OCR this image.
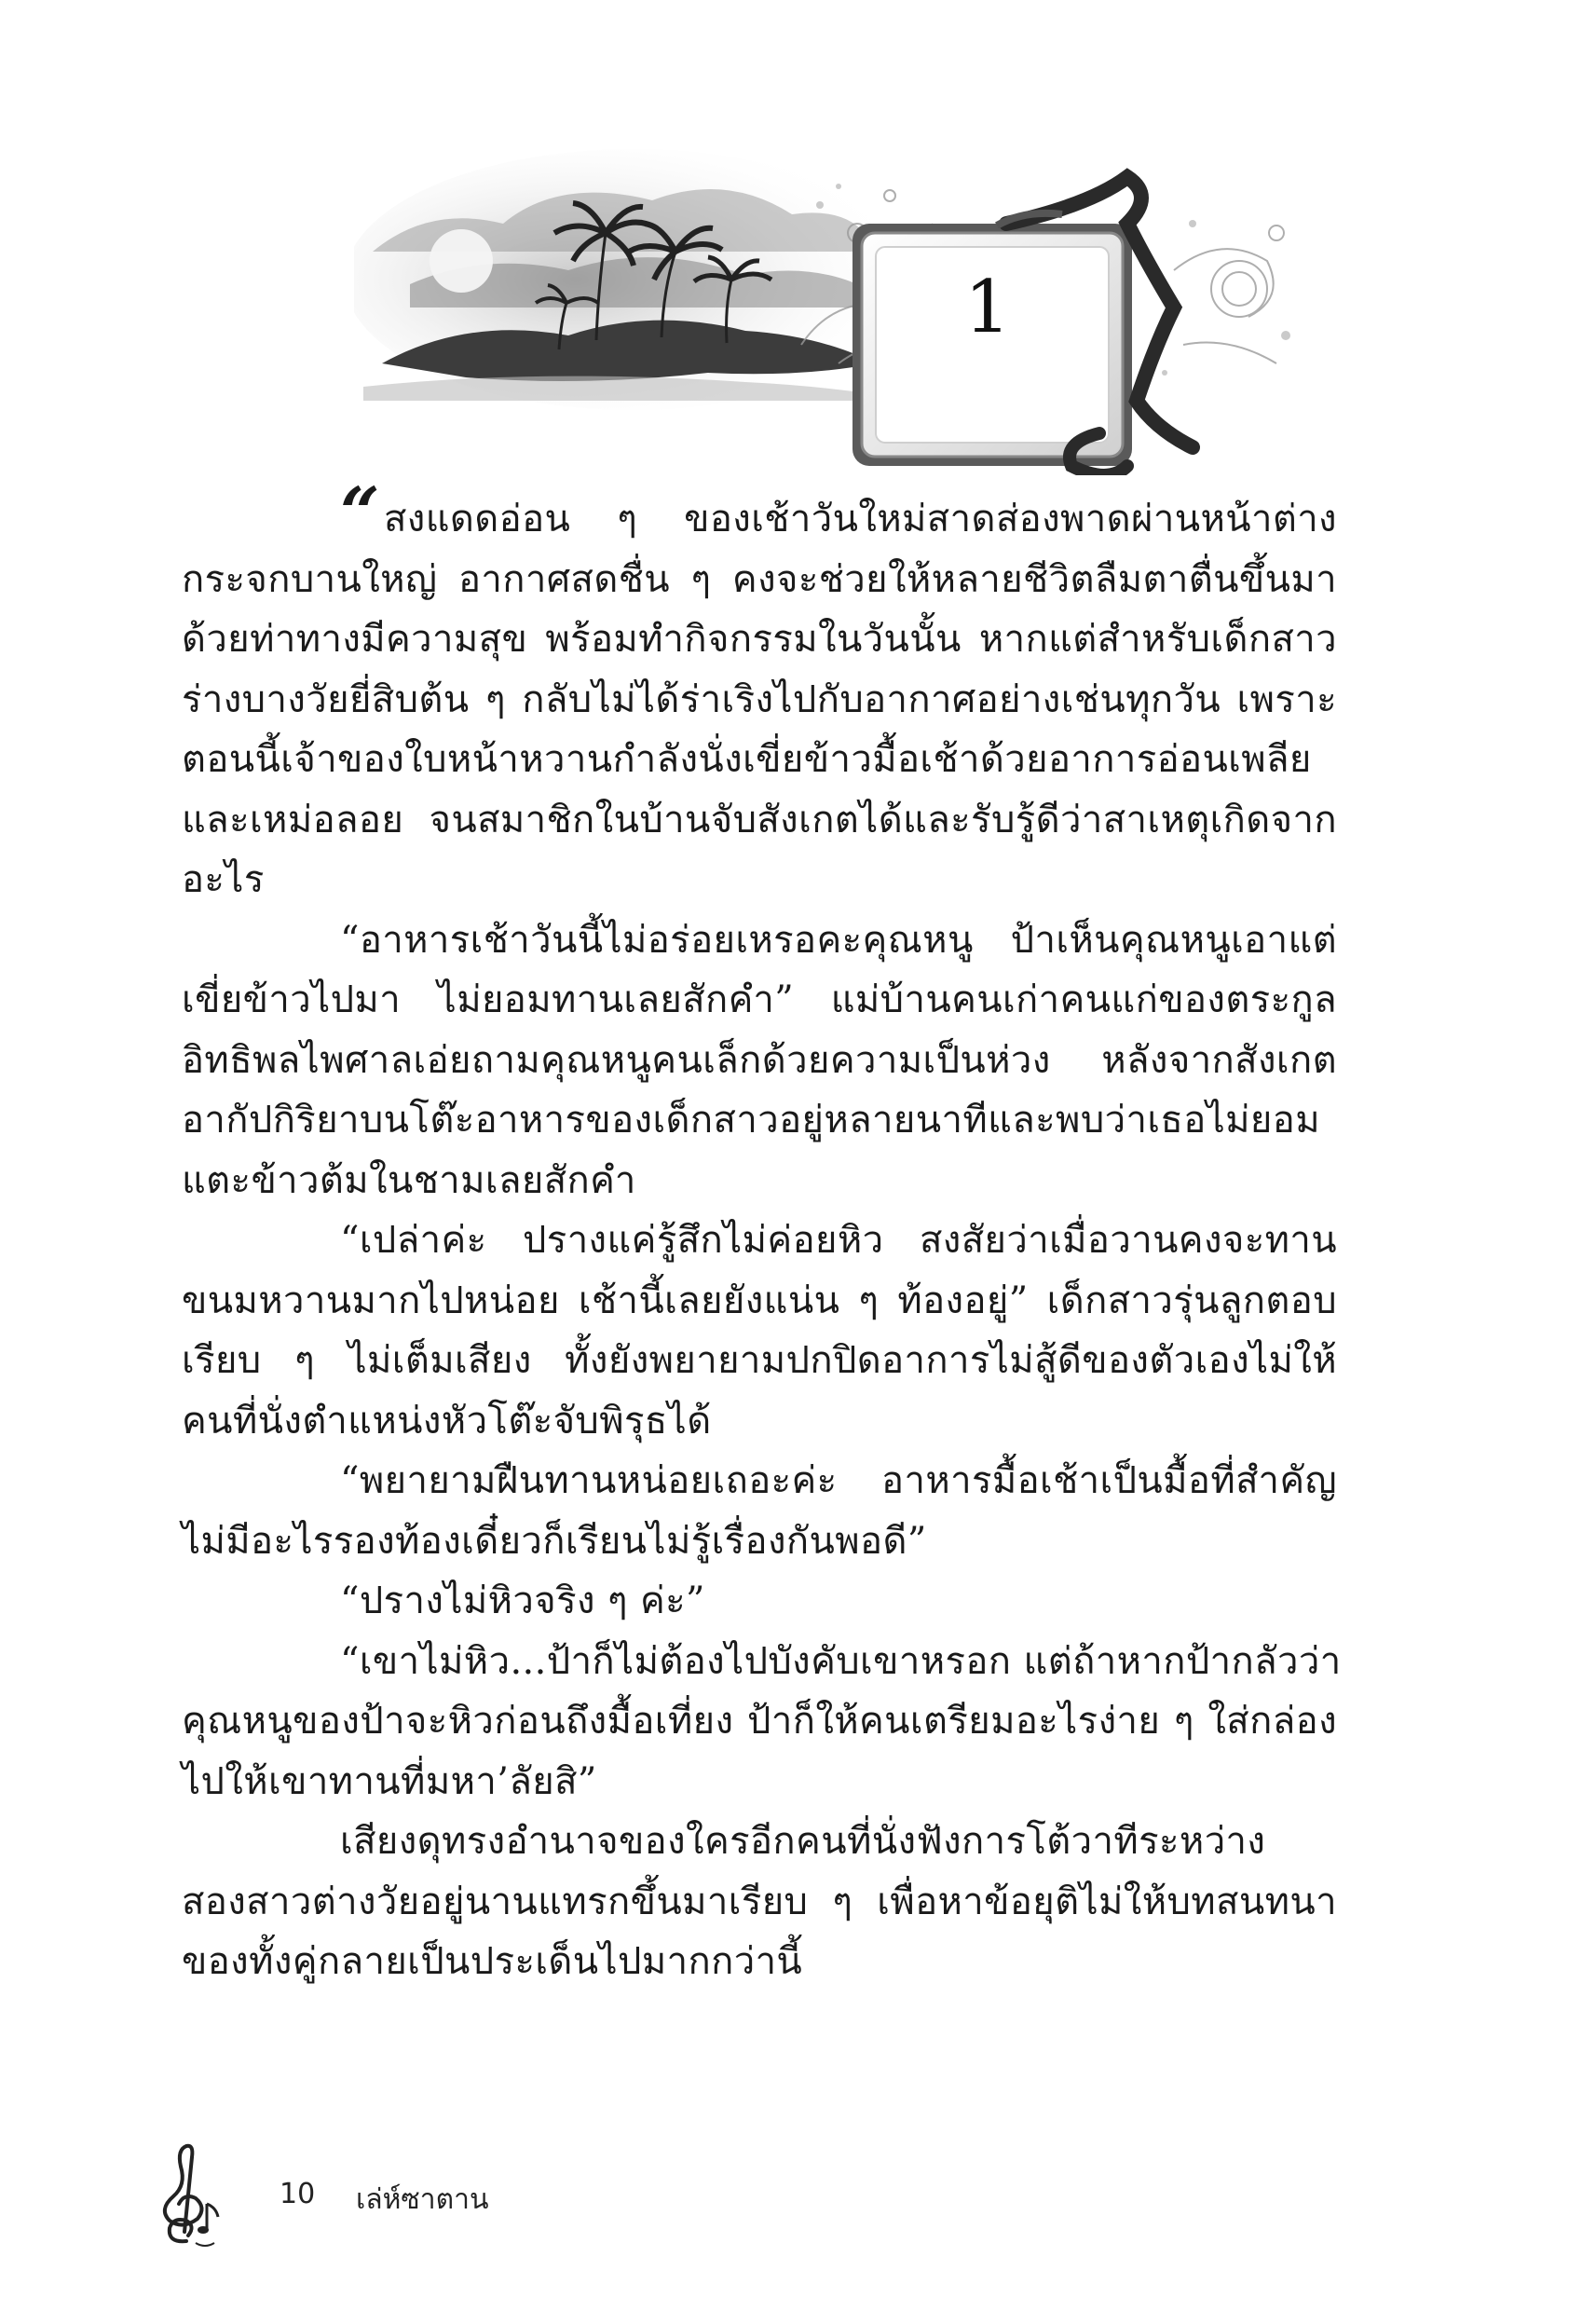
1
“ สงแดดอ่อน ๆ ของเช้าวันใหม่สาดส่องพาดผ่านหน้าต่าง
กระจกบานใหญ่ อากาศสดชื่น ๆ คงจะช่วยให้หลายชีวิตลืมตาตื่นขึ้นมา
ด้วยท่าทางมีความสุข พร้อมทำกิจกรรมในวันนั้น หากแต่สำหรับเด็กสาว
ร่างบางวัยยี่สิบต้น ๆ กลับไม่ได้ร่าเริงไปกับอากาศอย่างเช่นทุกวัน เพราะ
ตอนนี้เจ้าของใบหน้าหวานกำลังนั่งเขี่ยข้าวมื้อเช้าด้วยอาการอ่อนเพลีย
และเหม่อลอย จนสมาชิกในบ้านจับสังเกตได้และรับรู้ดีว่าสาเหตุเกิดจาก
อะไร
“อาหารเช้าวันนี้ไม่อร่อยเหรอคะคุณหนู ป้าเห็นคุณหนูเอาแต่
เขี่ยข้าวไปมา ไม่ยอมทานเลยสักคำ” แม่บ้านคนเก่าคนแก่ของตระกูล
อิทธิพลไพศาลเอ่ยถามคุณหนูคนเล็กด้วยความเป็นห่วง หลังจากสังเกต
อากัปกิริยาบนโต๊ะอาหารของเด็กสาวอยู่หลายนาทีและพบว่าเธอไม่ยอม
แตะข้าวต้มในชามเลยสักคำ
“เปล่าค่ะ ปรางแค่รู้สึกไม่ค่อยหิว สงสัยว่าเมื่อวานคงจะทาน
ขนมหวานมากไปหน่อย เช้านี้เลยยังแน่น ๆ ท้องอยู่” เด็กสาวรุ่นลูกตอบ
เรียบ ๆ ไม่เต็มเสียง ทั้งยังพยายามปกปิดอาการไม่สู้ดีของตัวเองไม่ให้
คนที่นั่งตำแหน่งหัวโต๊ะจับพิรุธได้
“พยายามฝืนทานหน่อยเถอะค่ะ อาหารมื้อเช้าเป็นมื้อที่สำคัญ
ไม่มีอะไรรองท้องเดี๋ยวก็เรียนไม่รู้เรื่องกันพอดี”
“ปรางไม่หิวจริง ๆ ค่ะ”
“เขาไม่หิว...ป้าก็ไม่ต้องไปบังคับเขาหรอก แต่ถ้าหากป้ากลัวว่า
คุณหนูของป้าจะหิวก่อนถึงมื้อเที่ยง ป้าก็ให้คนเตรียมอะไรง่าย ๆ ใส่กล่อง
ไปให้เขาทานที่มหา’ลัยสิ”
เสียงดุทรงอำนาจของใครอีกคนที่นั่งฟังการโต้วาทีระหว่าง
สองสาวต่างวัยอยู่นานแทรกขึ้นมาเรียบ ๆ เพื่อหาข้อยุติไม่ให้บทสนทนา
ของทั้งคู่กลายเป็นประเด็นไปมากกว่านี้
10 เล่ห์ซาตาน
